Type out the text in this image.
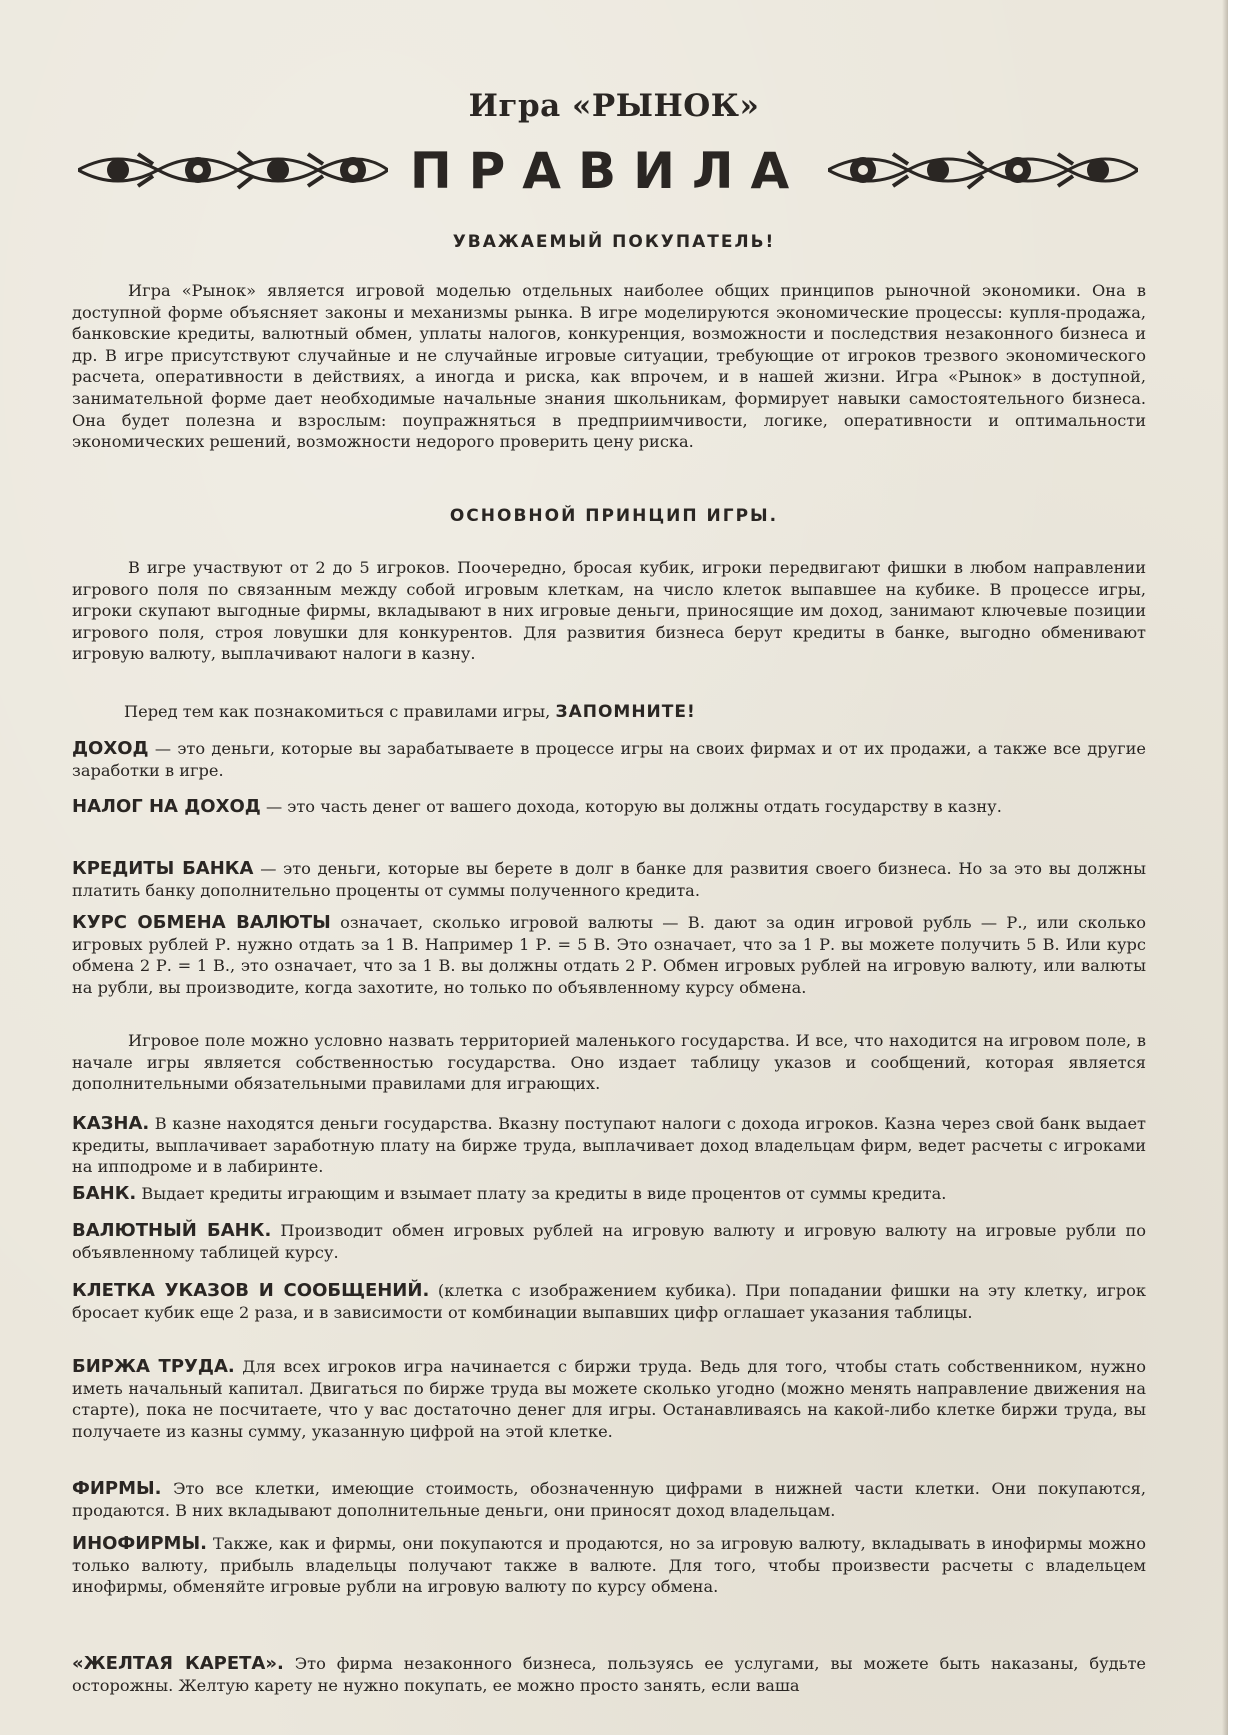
Игра «РЫНОК»
ПРАВИЛА
УВАЖАЕМЫЙ ПОКУПАТЕЛЬ!
Игра «Рынок» является игровой моделью отдельных наиболее общих принципов рыночной экономики. Она в доступной форме объясняет законы и механизмы рынка. В игре моделируются экономические процессы: купля-продажа, банковские кредиты, валютный обмен, уплаты налогов, конкуренция, возможности и последствия незаконного бизнеса и др. В игре присутствуют случайные и не случайные игровые ситуации, требующие от игроков трезвого экономического расчета, оперативности в действиях, а иногда и риска, как впрочем, и в нашей жизни. Игра «Рынок» в доступной, занимательной форме дает необходимые начальные знания школьникам, формирует навыки самостоятельного бизнеса. Она будет полезна и взрослым: поупражняться в предприимчивости, логике, оперативности и оптимальности экономических решений, возможности недорого проверить цену риска.
ОСНОВНОЙ ПРИНЦИП ИГРЫ.
В игре участвуют от 2 до 5 игроков. Поочередно, бросая кубик, игроки передвигают фишки в любом направлении игрового поля по связанным между собой игровым клеткам, на число клеток выпавшее на кубике. В процессе игры, игроки скупают выгодные фирмы, вкладывают в них игровые деньги, приносящие им доход, занимают ключевые позиции игрового поля, строя ловушки для конкурентов. Для развития бизнеса берут кредиты в банке, выгодно обменивают игровую валюту, выплачивают налоги в казну.
Перед тем как познакомиться с правилами игры, ЗАПОМНИТЕ!
ДОХОД — это деньги, которые вы зарабатываете в процессе игры на своих фирмах и от их продажи, а также все другие заработки в игре.
НАЛОГ НА ДОХОД — это часть денег от вашего дохода, которую вы должны отдать государству в казну.
КРЕДИТЫ БАНКА — это деньги, которые вы берете в долг в банке для развития своего бизнеса. Но за это вы должны платить банку дополнительно проценты от суммы полученного кредита.
КУРС ОБМЕНА ВАЛЮТЫ означает, сколько игровой валюты — В. дают за один игровой рубль — Р., или сколько игровых рублей Р. нужно отдать за 1 В. Например 1 Р. = 5 В. Это означает, что за 1 Р. вы можете получить 5 В. Или курс обмена 2 Р. = 1 В., это означает, что за 1 В. вы должны отдать 2 Р. Обмен игровых рублей на игровую валюту, или валюты на рубли, вы производите, когда захотите, но только по объявленному курсу обмена.
Игровое поле можно условно назвать территорией маленького государства. И все, что находится на игровом поле, в начале игры является собственностью государства. Оно издает таблицу указов и сообщений, которая является дополнительными обязательными правилами для играющих.
КАЗНА. В казне находятся деньги государства. Вказну поступают налоги с дохода игроков. Казна через свой банк выдает кредиты, выплачивает заработную плату на бирже труда, выплачивает доход владельцам фирм, ведет расчеты с игроками на ипподроме и в лабиринте.
БАНК. Выдает кредиты играющим и взымает плату за кредиты в виде процентов от суммы кредита.
ВАЛЮТНЫЙ БАНК. Производит обмен игровых рублей на игровую валюту и игровую валюту на игровые рубли по объявленному таблицей курсу.
КЛЕТКА УКАЗОВ И СООБЩЕНИЙ. (клетка с изображением кубика). При попадании фишки на эту клетку, игрок бросает кубик еще 2 раза, и в зависимости от комбинации выпавших цифр оглашает указания таблицы.
БИРЖА ТРУДА. Для всех игроков игра начинается с биржи труда. Ведь для того, чтобы стать собственником, нужно иметь начальный капитал. Двигаться по бирже труда вы можете сколько угодно (можно менять направление движения на старте), пока не посчитаете, что у вас достаточно денег для игры. Останавливаясь на какой-либо клетке биржи труда, вы получаете из казны сумму, указанную цифрой на этой клетке.
ФИРМЫ. Это все клетки, имеющие стоимость, обозначенную цифрами в нижней части клетки. Они покупаются, продаются. В них вкладывают дополнительные деньги, они приносят доход владельцам.
ИНОФИРМЫ. Также, как и фирмы, они покупаются и продаются, но за игровую валюту, вкладывать в инофирмы можно только валюту, прибыль владельцы получают также в валюте. Для того, чтобы произвести расчеты с владельцем инофирмы, обменяйте игровые рубли на игровую валюту по курсу обмена.
«ЖЕЛТАЯ КАРЕТА». Это фирма незаконного бизнеса, пользуясь ее услугами, вы можете быть наказаны, будьте осторожны. Желтую карету не нужно покупать, ее можно просто занять, если ваша
